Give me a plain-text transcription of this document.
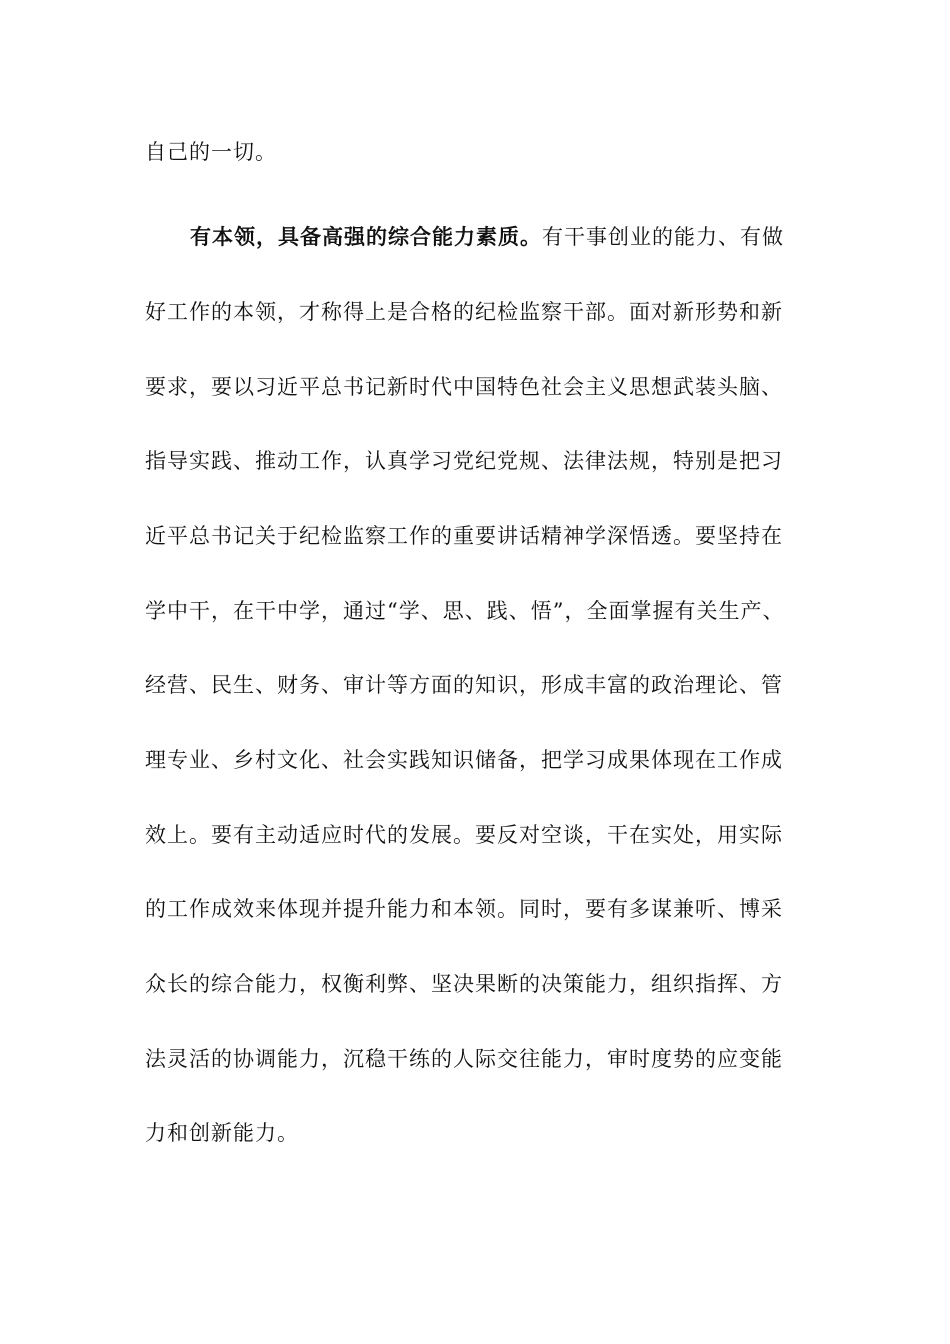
自己的一切。
有本领，具备高强的综合能力素质。有干事创业的能力、有做
好工作的本领，才称得上是合格的纪检监察干部。面对新形势和新
要求，要以习近平总书记新时代中国特色社会主义思想武装头脑、
指导实践、推动工作，认真学习党纪党规、法律法规，特别是把习
近平总书记关于纪检监察工作的重要讲话精神学深悟透。要坚持在
学中干，在干中学，通过“学、思、践、悟”，全面掌握有关生产、
经营、民生、财务、审计等方面的知识，形成丰富的政治理论、管
理专业、乡村文化、社会实践知识储备，把学习成果体现在工作成
效上。要有主动适应时代的发展。要反对空谈，干在实处，用实际
的工作成效来体现并提升能力和本领。同时，要有多谋兼听、博采
众长的综合能力，权衡利弊、坚决果断的决策能力，组织指挥、方
法灵活的协调能力，沉稳干练的人际交往能力，审时度势的应变能
力和创新能力。
